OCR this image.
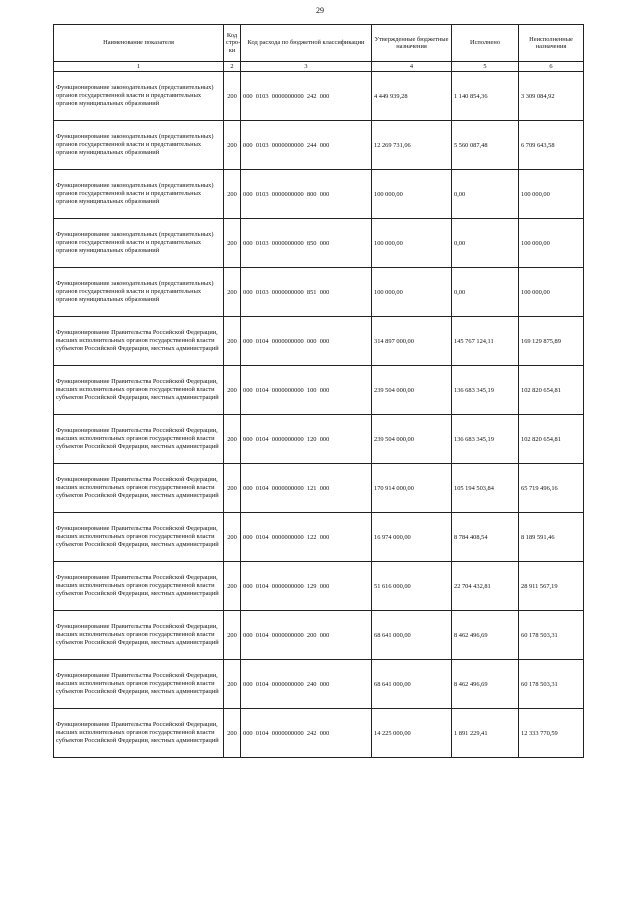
29
Наименование показателя	Код стро-ки	Код расхода по бюджетной классификации	Утвержденные бюджетные назначения	Исполнено	Неисполненные назначения
1	2	3	4	5	6
Функционирование законодательных (представительных) органов государственной власти и представительных органов муниципальных образований	200	000  0103  0000000000  242  000	4 449 939,28	1 140 854,36	3 309 084,92
Функционирование законодательных (представительных) органов государственной власти и представительных органов муниципальных образований	200	000  0103  0000000000  244  000	12 269 731,06	5 560 087,48	6 709 643,58
Функционирование законодательных (представительных) органов государственной власти и представительных органов муниципальных образований	200	000  0103  0000000000  800  000	100 000,00	0,00	100 000,00
Функционирование законодательных (представительных) органов государственной власти и представительных органов муниципальных образований	200	000  0103  0000000000  850  000	100 000,00	0,00	100 000,00
Функционирование законодательных (представительных) органов государственной власти и представительных органов муниципальных образований	200	000  0103  0000000000  851  000	100 000,00	0,00	100 000,00
Функционирование Правительства Российской Федерации, высших исполнительных органов государственной власти субъектов Российской Федерации, местных администраций	200	000  0104  0000000000  000  000	314 897 000,00	145 767 124,11	169 129 875,89
Функционирование Правительства Российской Федерации, высших исполнительных органов государственной власти субъектов Российской Федерации, местных администраций	200	000  0104  0000000000  100  000	239 504 000,00	136 683 345,19	102 820 654,81
Функционирование Правительства Российской Федерации, высших исполнительных органов государственной власти субъектов Российской Федерации, местных администраций	200	000  0104  0000000000  120  000	239 504 000,00	136 683 345,19	102 820 654,81
Функционирование Правительства Российской Федерации, высших исполнительных органов государственной власти субъектов Российской Федерации, местных администраций	200	000  0104  0000000000  121  000	170 914 000,00	105 194 503,84	65 719 496,16
Функционирование Правительства Российской Федерации, высших исполнительных органов государственной власти субъектов Российской Федерации, местных администраций	200	000  0104  0000000000  122  000	16 974 000,00	8 784 408,54	8 189 591,46
Функционирование Правительства Российской Федерации, высших исполнительных органов государственной власти субъектов Российской Федерации, местных администраций	200	000  0104  0000000000  129  000	51 616 000,00	22 704 432,81	28 911 567,19
Функционирование Правительства Российской Федерации, высших исполнительных органов государственной власти субъектов Российской Федерации, местных администраций	200	000  0104  0000000000  200  000	68 641 000,00	8 462 496,69	60 178 503,31
Функционирование Правительства Российской Федерации, высших исполнительных органов государственной власти субъектов Российской Федерации, местных администраций	200	000  0104  0000000000  240  000	68 641 000,00	8 462 496,69	60 178 503,31
Функционирование Правительства Российской Федерации, высших исполнительных органов государственной власти субъектов Российской Федерации, местных администраций	200	000  0104  0000000000  242  000	14 225 000,00	1 891 229,41	12 333 770,59
